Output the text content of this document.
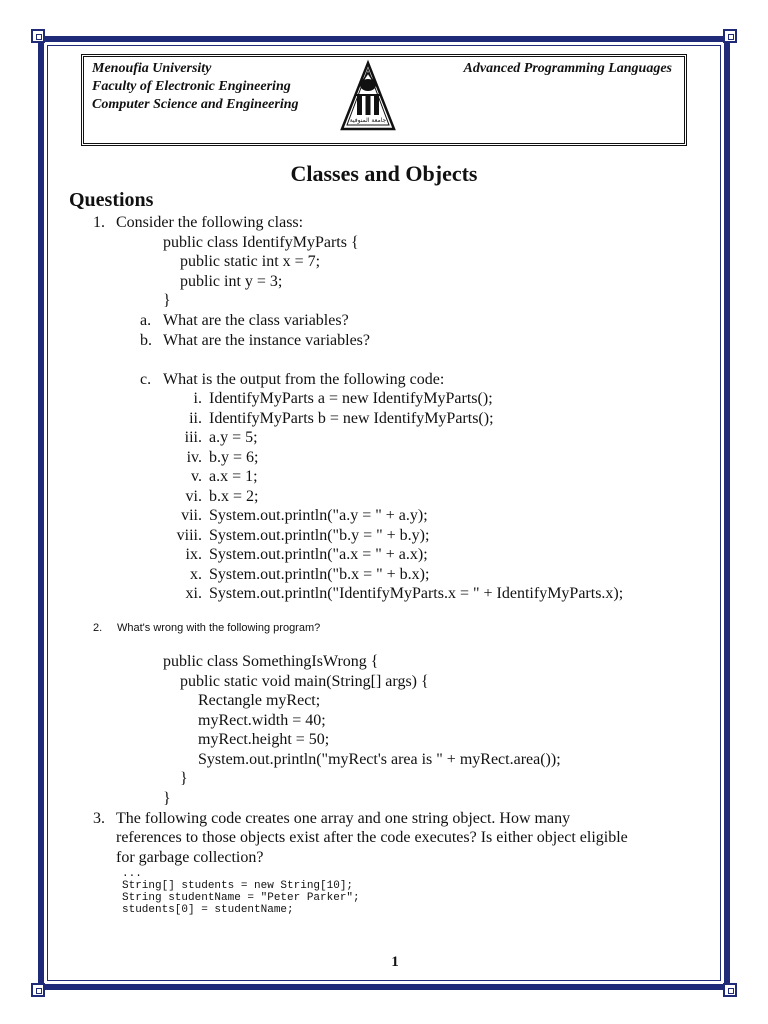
Menoufia University
Faculty of Electronic Engineering
Computer Science and Engineering
Advanced Programming Languages
جامعة المنوفية
Classes and Objects
Questions
1. Consider the following class:
public class IdentifyMyParts {
public static int x = 7;
public int y = 3;
}
a. What are the class variables?
b. What are the instance variables?
c. What is the output from the following code:
i. IdentifyMyParts a = new IdentifyMyParts();
ii. IdentifyMyParts b = new IdentifyMyParts();
iii. a.y = 5;
iv. b.y = 6;
v. a.x = 1;
vi. b.x = 2;
vii. System.out.println("a.y = " + a.y);
viii. System.out.println("b.y = " + b.y);
ix. System.out.println("a.x = " + a.x);
x. System.out.println("b.x = " + b.x);
xi. System.out.println("IdentifyMyParts.x = " + IdentifyMyParts.x);
2. What's wrong with the following program?
public class SomethingIsWrong {
public static void main(String[] args) {
Rectangle myRect;
myRect.width = 40;
myRect.height = 50;
System.out.println("myRect's area is " + myRect.area());
}
}
3. The following code creates one array and one string object. How many
references to those objects exist after the code executes? Is either object eligible
for garbage collection?
...
String[] students = new String[10];
String studentName = "Peter Parker";
students[0] = studentName;
1
